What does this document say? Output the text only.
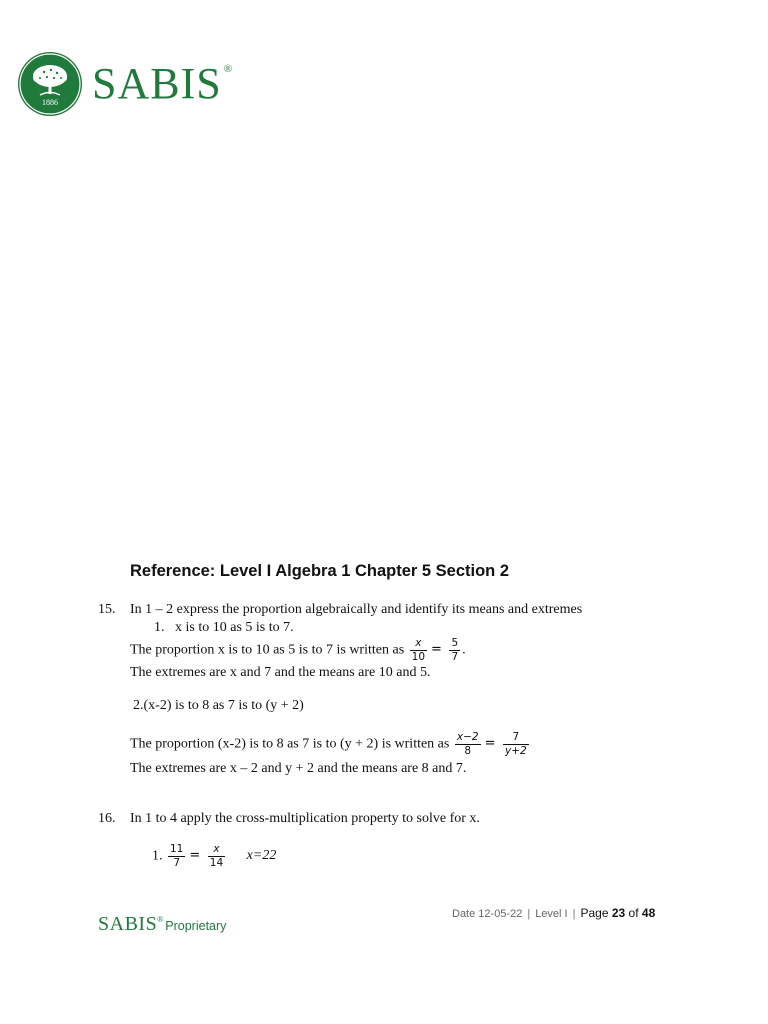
1886 SABIS ®
Reference: Level I Algebra 1 Chapter 5 Section 2
15. In 1 – 2 express the proportion algebraically and identify its means and extremes
1. x is to 10 as 5 is to 7.
The proportion x is to 10 as 5 is to 7 is written as $\frac{x}{10} = \frac{5}{7}$ .
The extremes are x and 7 and the means are 10 and 5.
2.(x-2) is to 8 as 7 is to (y + 2)
The proportion (x-2) is to 8 as 7 is to (y + 2) is written as $\frac{x-2}{8} = \frac{7}{y+2}$
The extremes are x – 2 and y + 2 and the means are 8 and 7.
16. In 1 to 4 apply the cross-multiplication property to solve for x.
1. $\frac{11}{7} = \frac{x}{14} x=22$
Date 12-05-22 | Level I | Page 23 of 48
SABIS ® Proprietary
